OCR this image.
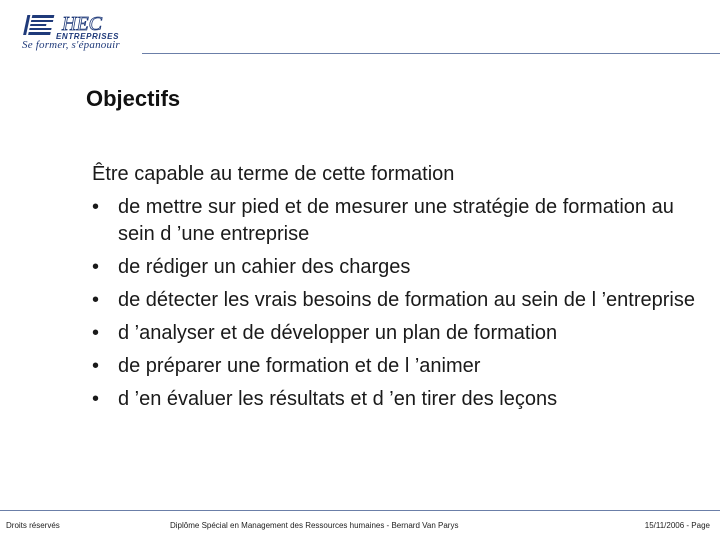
HEC
ENTREPRISES
Se former, s'épanouir
Objectifs
Être capable au terme de cette formation
• de mettre sur pied et de mesurer une stratégie de formation au sein d ’une entreprise
• de rédiger un cahier des charges
• de détecter les vrais besoins de formation au sein de l ’entreprise
• d ’analyser et de développer un plan de formation
• de préparer une formation et de l ’animer
• d ’en évaluer les résultats et d ’en tirer des leçons
Droits réservés	Diplôme Spécial en Management des Ressources humaines - Bernard Van Parys	15/11/2006 - Page
